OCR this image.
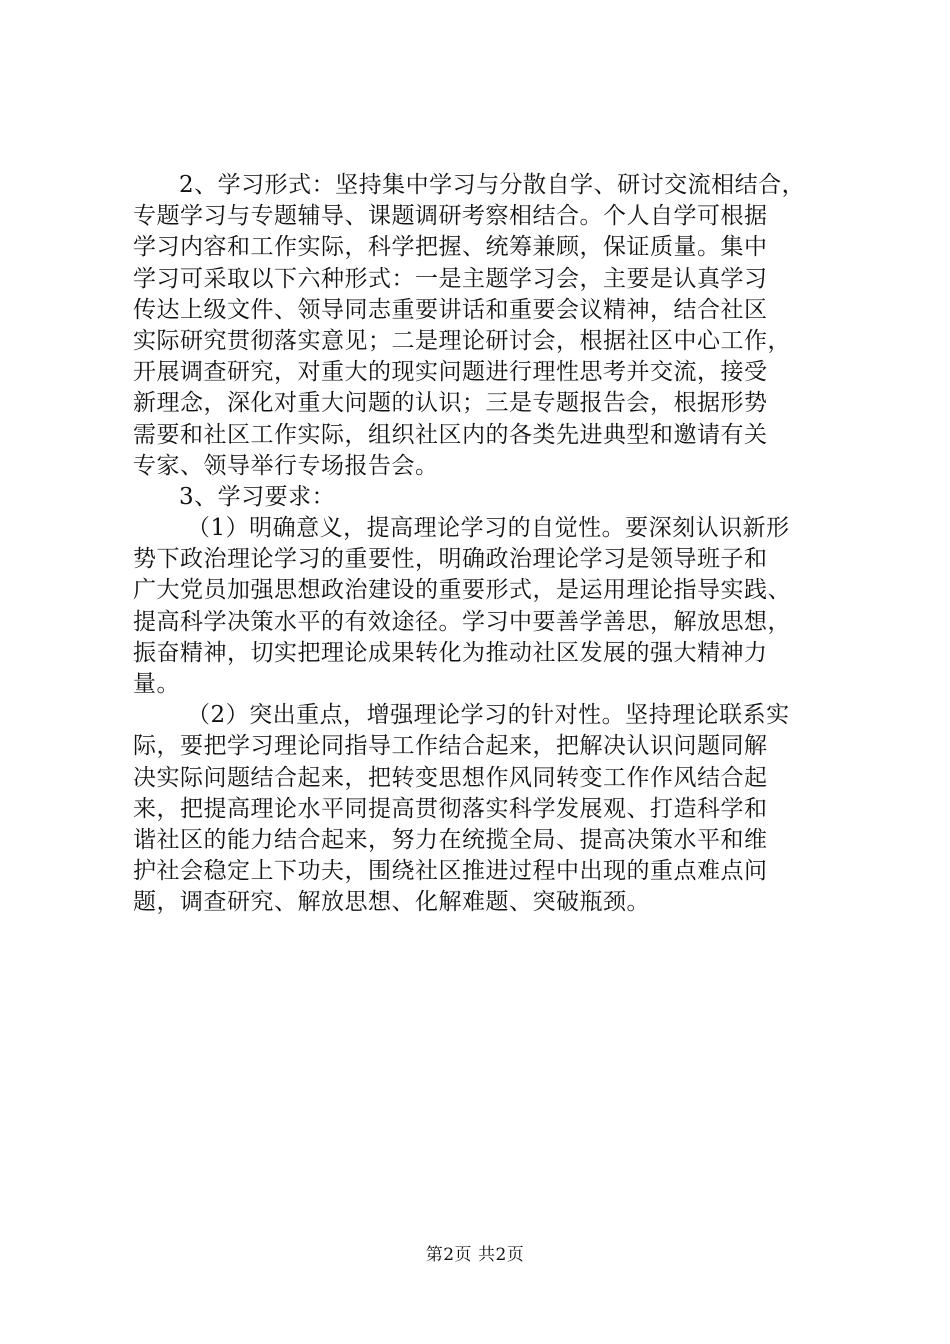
2、学习形式：坚持集中学习与分散自学、研讨交流相结合，
专题学习与专题辅导、课题调研考察相结合。个人自学可根据
学习内容和工作实际，科学把握、统筹兼顾，保证质量。集中
学习可采取以下六种形式：一是主题学习会，主要是认真学习
传达上级文件、领导同志重要讲话和重要会议精神，结合社区
实际研究贯彻落实意见；二是理论研讨会，根据社区中心工作，
开展调查研究，对重大的现实问题进行理性思考并交流，接受
新理念，深化对重大问题的认识；三是专题报告会，根据形势
需要和社区工作实际，组织社区内的各类先进典型和邀请有关
专家、领导举行专场报告会。
3、学习要求：
（1）明确意义，提高理论学习的自觉性。要深刻认识新形
势下政治理论学习的重要性，明确政治理论学习是领导班子和
广大党员加强思想政治建设的重要形式，是运用理论指导实践、
提高科学决策水平的有效途径。学习中要善学善思，解放思想，
振奋精神，切实把理论成果转化为推动社区发展的强大精神力
量。
（2）突出重点，增强理论学习的针对性。坚持理论联系实
际，要把学习理论同指导工作结合起来，把解决认识问题同解
决实际问题结合起来，把转变思想作风同转变工作作风结合起
来，把提高理论水平同提高贯彻落实科学发展观、打造科学和
谐社区的能力结合起来，努力在统揽全局、提高决策水平和维
护社会稳定上下功夫，围绕社区推进过程中出现的重点难点问
题，调查研究、解放思想、化解难题、突破瓶颈。
第2页 共2页
